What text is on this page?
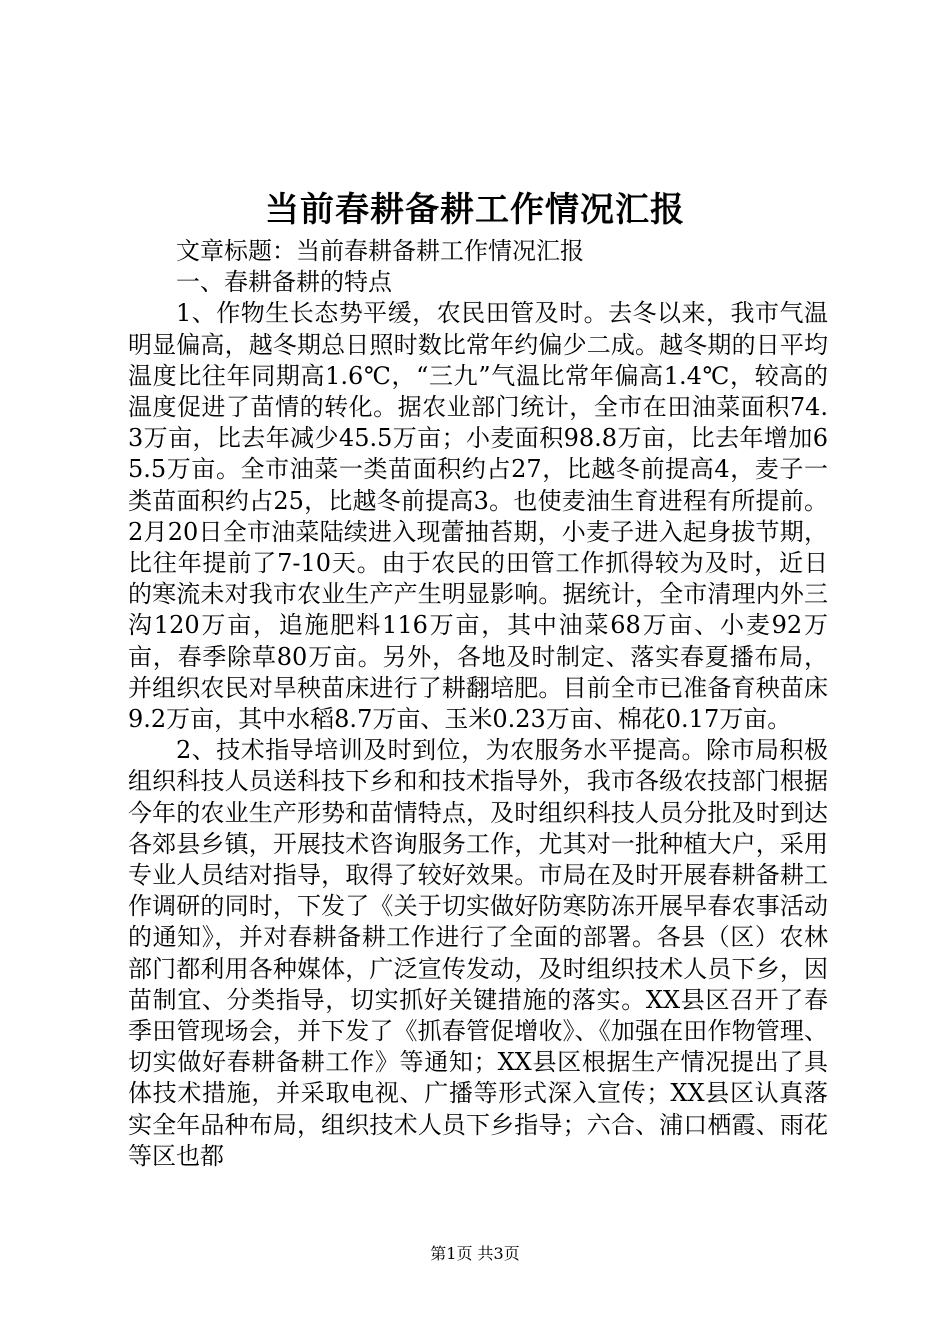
当前春耕备耕工作情况汇报

文章标题：当前春耕备耕工作情况汇报

一、春耕备耕的特点

1、作物生长态势平缓，农民田管及时。去冬以来，我市气温明显偏高，越冬期总日照时数比常年约偏少二成。越冬期的日平均温度比往年同期高1.6℃，“三九”气温比常年偏高1.4℃，较高的温度促进了苗情的转化。据农业部门统计，全市在田油菜面积74.3万亩，比去年减少45.5万亩；小麦面积98.8万亩，比去年增加65.5万亩。全市油菜一类苗面积约占27，比越冬前提高4，麦子一类苗面积约占25，比越冬前提高3。也使麦油生育进程有所提前。2月20日全市油菜陆续进入现蕾抽苔期，小麦子进入起身拔节期，比往年提前了7-10天。由于农民的田管工作抓得较为及时，近日的寒流未对我市农业生产产生明显影响。据统计，全市清理内外三沟120万亩，追施肥料116万亩，其中油菜68万亩、小麦92万亩，春季除草80万亩。另外，各地及时制定、落实春夏播布局，并组织农民对旱秧苗床进行了耕翻培肥。目前全市已准备育秧苗床9.2万亩，其中水稻8.7万亩、玉米0.23万亩、棉花0.17万亩。

2、技术指导培训及时到位，为农服务水平提高。除市局积极组织科技人员送科技下乡和和技术指导外，我市各级农技部门根据今年的农业生产形势和苗情特点，及时组织科技人员分批及时到达各郊县乡镇，开展技术咨询服务工作，尤其对一批种植大户，采用专业人员结对指导，取得了较好效果。市局在及时开展春耕备耕工作调研的同时，下发了《关于切实做好防寒防冻开展早春农事活动的通知》，并对春耕备耕工作进行了全面的部署。各县（区）农林部门都利用各种媒体，广泛宣传发动，及时组织技术人员下乡，因苗制宜、分类指导，切实抓好关键措施的落实。XX县区召开了春季田管现场会，并下发了《抓春管促增收》、《加强在田作物管理、切实做好春耕备耕工作》等通知；XX县区根据生产情况提出了具体技术措施，并采取电视、广播等形式深入宣传；XX县区认真落实全年品种布局，组织技术人员下乡指导；六合、浦口栖霞、雨花等区也都

第1页 共3页
